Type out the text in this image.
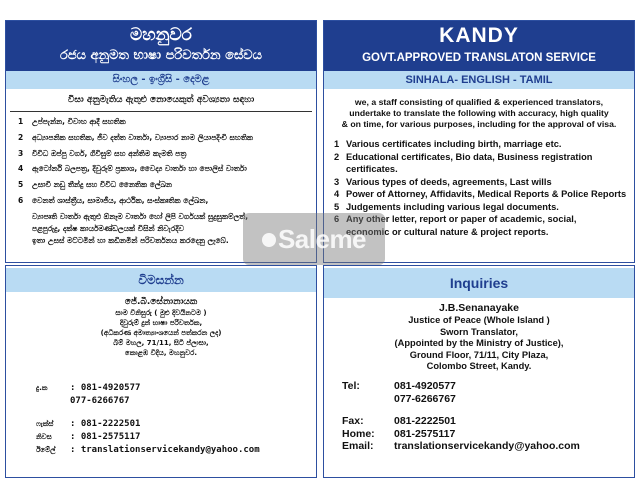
මහනුවර
රජය අනුමත භාෂා පරිවර්තන සේවය
සිංහල - ඉංග්‍රීසි - දෙමළ
විසා අනුමැතිය ඇතුළු නොයෙකුත් අවශ්‍යතා සඳහා
1	උප්පැන්න, විවාහ ආදී සහතික
2	අධ්‍යාපනික සහතික, ජීව දත්ත වාර්තා, ව්‍යාපාර නාම ලියාපදිංචි සහතික
3	විවිධ ඔප්පු වර්ග, ගිවිසුම් සහ අන්තිම කැමති පත්‍ර
4	ඇටෝර්නි බලපත්‍ර, දිවුරුම් ප්‍රකාශ, වෛද්‍ය වාර්තා හා පොලිස් වාර්තා
5	උසාවි නඩු තීන්දු සහ විවිධ නෛතික ලේඛන
6	වෙනත් ශාස්ත්‍රීය, සාමාජීය, ආර්ථික, සංස්කෘතික ලේඛන,
ව්‍යාපෘති වාර්තා ඇතුළු ඕනෑම වාර්තා හෝ ලිපි වර්ගයක් සුදුසුකම්ලත්,
පළපුරුදු, දක්ෂ කාර්යමණ්ඩලයක් විසින් නිවැරදිව
ඉතා උසස් මට්ටමින් හා කඩිනමින් පරිවර්තනය කරදෙනු ලැබේ.
KANDY
GOVT.APPROVED TRANSLATON SERVICE
SINHALA- ENGLISH - TAMIL
we, a staff consisting of qualified & experienced translators,
undertake to translate the following with accuracy, high quality
& on time, for various purposes, including for the approval of visa.
1 Various certificates including birth, marriage etc.
2 Educational certificates, Bio data, Business registration
certificates.
3 Various types of deeds, agreements, Last wills
4 Power of Attorney, Affidavits, Medical Reports & Police Reports
5 Judgements including various legal documents.
6 Any other letter, report or paper of academic, social,
economic or cultural nature & project reports.
විමසන්න
ජේ.බී.සේනානායක
සාම විනිසුරු ( මුළු දිවයිනටම )
දිවුරුම් දුන් භාෂා පරිවර්තක,
(අධිකරණ අමාත්‍යාංශයෙන් පත්කරන ලද)
බිම් මහල, 71/11, සිටි ප්ලාසා,
කොළඹ වීදිය, මහනුවර.
දු.ක	: 081-4920577
077-6266767
ෆැක්ස්	: 081-2222501
නිවස	: 081-2575117
ඊමේල්	: translationservicekandy@yahoo.com
Inquiries
J.B.Senanayake
Justice of Peace (Whole Island )
Sworn Translator,
(Appointed by the Ministry of Justice),
Ground Floor, 71/11, City Plaza,
Colombo Street, Kandy.
Tel:	081-4920577
077-6266767
Fax:	081-2222501
Home:	081-2575117
Email:	translationservicekandy@yahoo.com
Saleme
